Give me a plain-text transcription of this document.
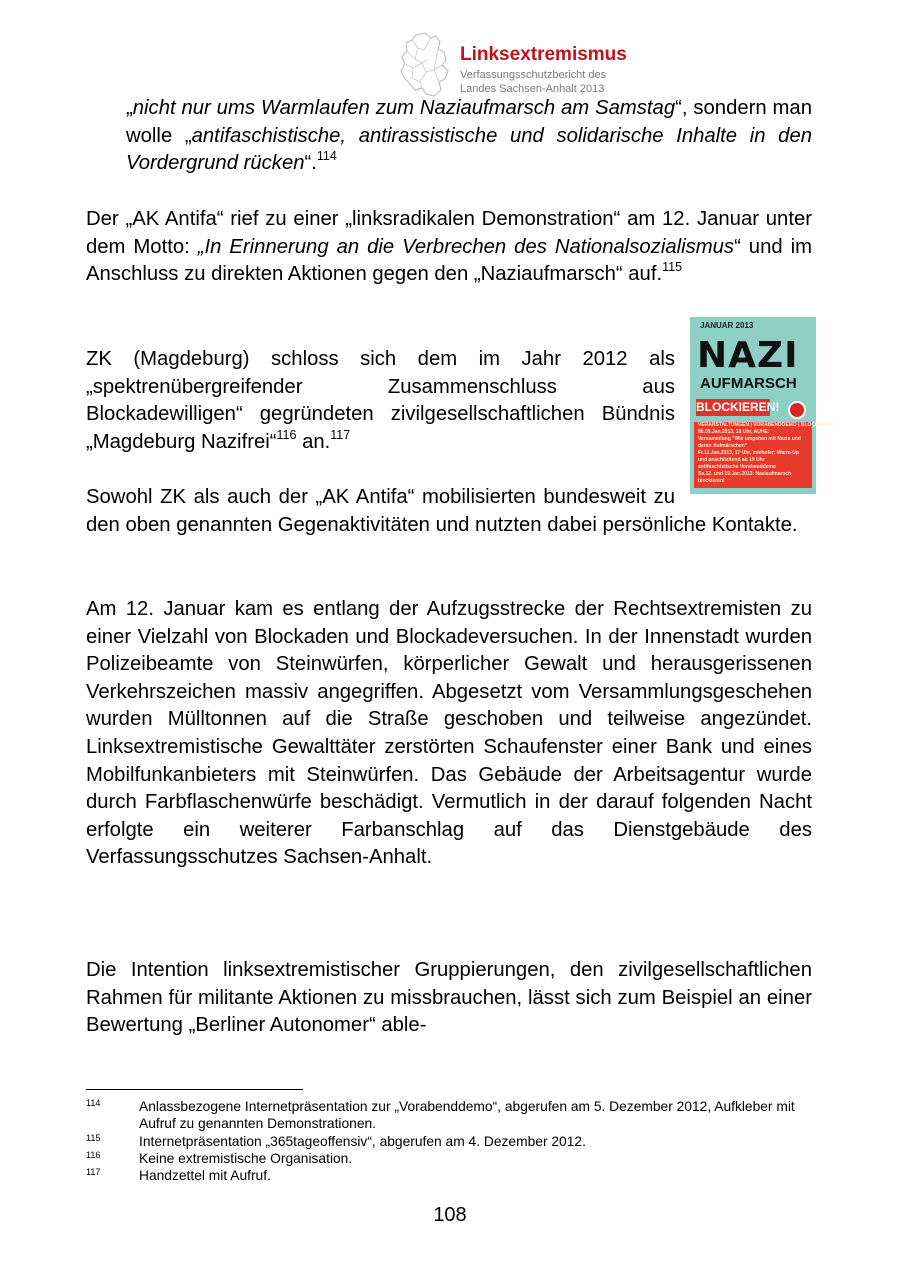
Linksextremismus
Verfassungsschutzbericht des
Landes Sachsen-Anhalt 2013
„nicht nur ums Warmlaufen zum Naziaufmarsch am Samstag“, sondern man wolle „antifaschistische, antirassistische und solidarische Inhalte in den Vordergrund rücken“.$^{114}$
Der „AK Antifa“ rief zu einer „linksradikalen Demonstration“ am 12. Januar unter dem Motto: „In Erinnerung an die Verbrechen des Nationalsozialismus“ und im Anschluss zu direkten Aktionen gegen den „Naziaufmarsch“ auf.$^{115}$
ZK (Magdeburg) schloss sich dem im Jahr 2012 als „spektrenübergreifender Zusammenschluss aus Blockadewilligen“ gegründeten zivilgesellschaftlichen Bündnis „Magdeburg Nazifrei“$^{116}$ an.$^{117}$
Sowohl ZK als auch der „AK Antifa“ mobilisierten bundesweit zu den oben genannten Gegenaktivitäten und nutzten dabei persönliche Kontakte.
JANUAR 2013
NAZI
AUFMARSCH
BLOCKIEREN!
VERANSTALTUNGEN | VORABENDDEMO | BLOCKADEN
Mi.09.Jan.2013, 18 Uhr, AUHE:
Versammlung "Wie umgehen mit Nazis und
deren Aufmärschen"
Fr.11.Jan.2013, 17 Uhr, Inlehofer: Warm-Up
und anschließend ab 19 Uhr
antifaschistische Vorabenddemo
Sa.12. und 19.Jan.2013: Naziaufmarsch
blockieren!
Am 12. Januar kam es entlang der Aufzugsstrecke der Rechtsextremisten zu einer Vielzahl von Blockaden und Blockadeversuchen. In der Innenstadt wurden Polizeibeamte von Steinwürfen, körperlicher Gewalt und herausgerissenen Verkehrszeichen massiv angegriffen. Abgesetzt vom Versammlungsgeschehen wurden Mülltonnen auf die Straße geschoben und teilweise angezündet. Linksextremistische Gewalttäter zerstörten Schaufenster einer Bank und eines Mobilfunkanbieters mit Steinwürfen. Das Gebäude der Arbeitsagentur wurde durch Farbflaschenwürfe beschädigt. Vermutlich in der darauf folgenden Nacht erfolgte ein weiterer Farbanschlag auf das Dienstgebäude des Verfassungsschutzes Sachsen-Anhalt.
Die Intention linksextremistischer Gruppierungen, den zivilgesellschaftlichen Rahmen für militante Aktionen zu missbrauchen, lässt sich zum Beispiel an einer Bewertung „Berliner Autonomer“ able-
114	Anlassbezogene Internetpräsentation zur „Vorabenddemo“, abgerufen am 5. Dezember 2012, Aufkleber mit Aufruf zu genannten Demonstrationen.
115	Internetpräsentation „365tageoffensiv“, abgerufen am 4. Dezember 2012.
116	Keine extremistische Organisation.
117	Handzettel mit Aufruf.
108
